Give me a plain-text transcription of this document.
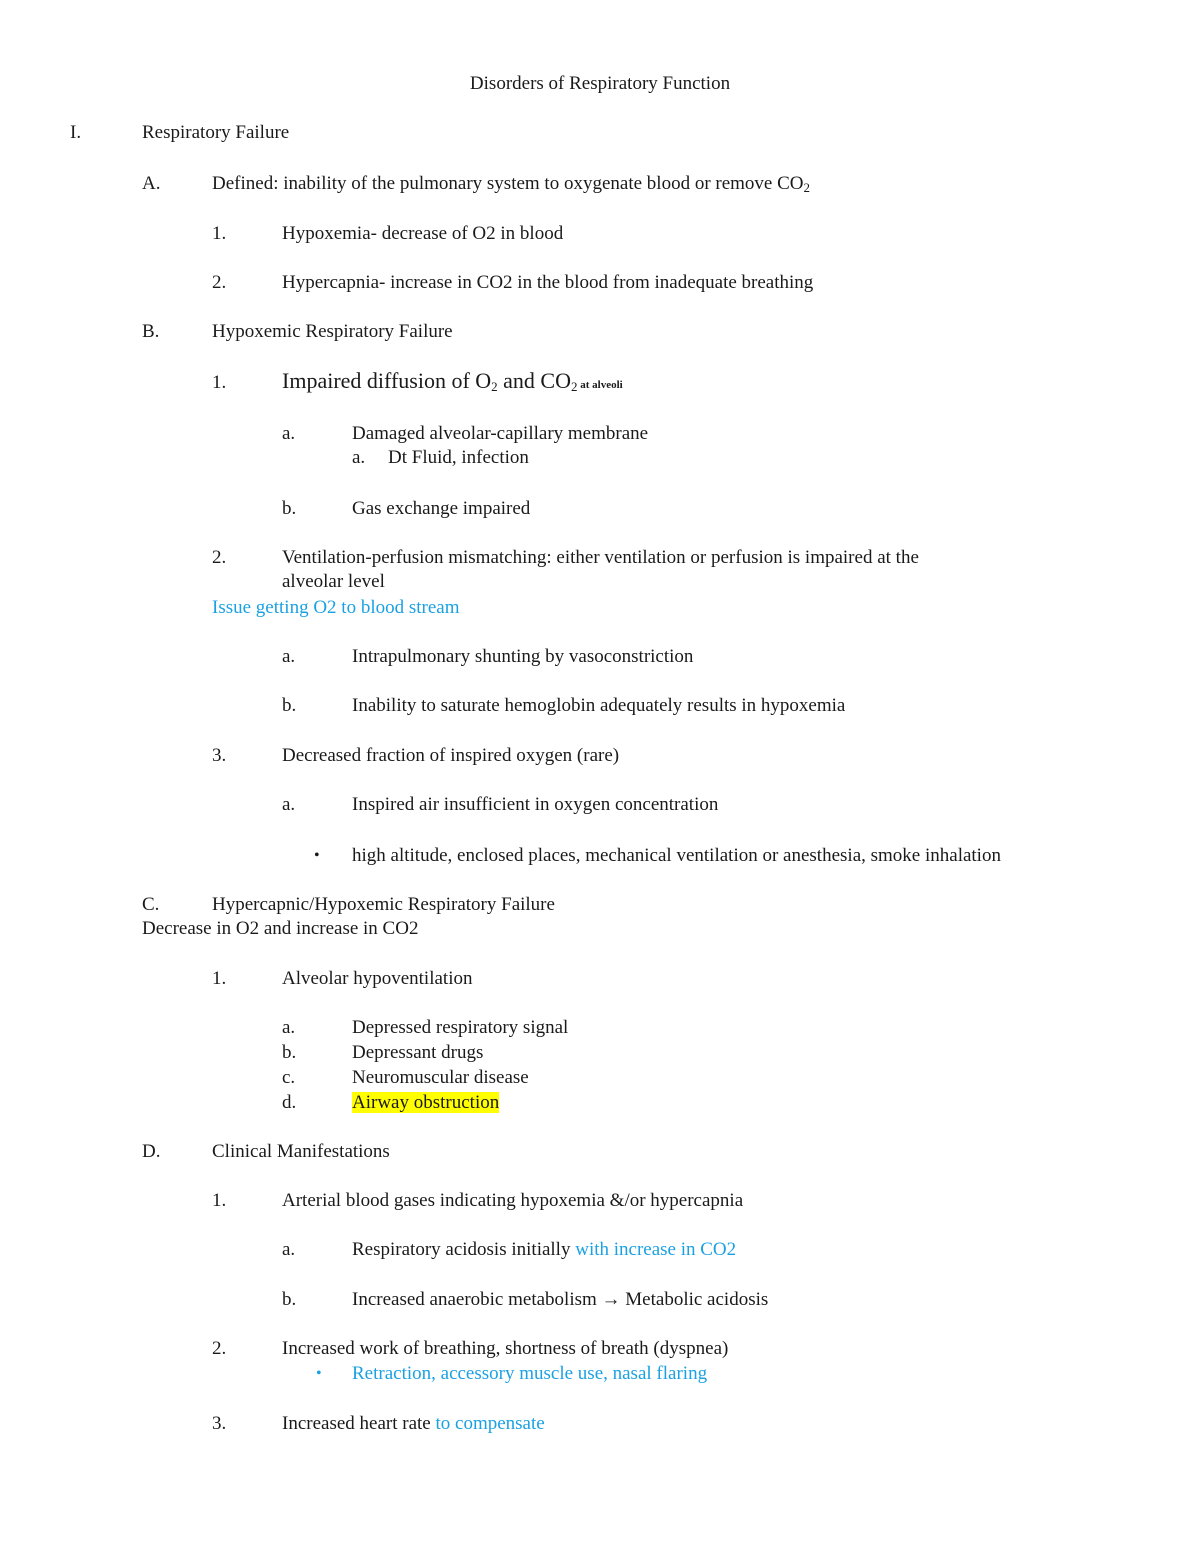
Disorders of Respiratory Function
I.	Respiratory Failure
A.	Defined: inability of the pulmonary system to oxygenate blood or remove $CO_2$
1.	Hypoxemia- decrease of O2 in blood
2.	Hypercapnia- increase in CO2 in the blood from inadequate breathing
B.	Hypoxemic Respiratory Failure
1.	Impaired diffusion of $O_2$ and $CO_2$ at alveoli
a.	Damaged alveolar-capillary membrane
a. Dt Fluid, infection
b.	Gas exchange impaired
2.	Ventilation-perfusion mismatching: either ventilation or perfusion is impaired at the
alveolar level
Issue getting O2 to blood stream
a.	Intrapulmonary shunting by vasoconstriction
b.	Inability to saturate hemoglobin adequately results in hypoxemia
3.	Decreased fraction of inspired oxygen (rare)
a.	Inspired air insufficient in oxygen concentration
• high altitude, enclosed places, mechanical ventilation or anesthesia, smoke inhalation
C.	Hypercapnic/Hypoxemic Respiratory Failure
Decrease in O2 and increase in CO2
1.	Alveolar hypoventilation
a.	Depressed respiratory signal
b.	Depressant drugs
c.	Neuromuscular disease
d.	Airway obstruction
D.	Clinical Manifestations
1.	Arterial blood gases indicating hypoxemia &/or hypercapnia
a.	Respiratory acidosis initially with increase in CO2
b.	Increased anaerobic metabolism → Metabolic acidosis
2.	Increased work of breathing, shortness of breath (dyspnea)
• Retraction, accessory muscle use, nasal flaring
3.	Increased heart rate to compensate
